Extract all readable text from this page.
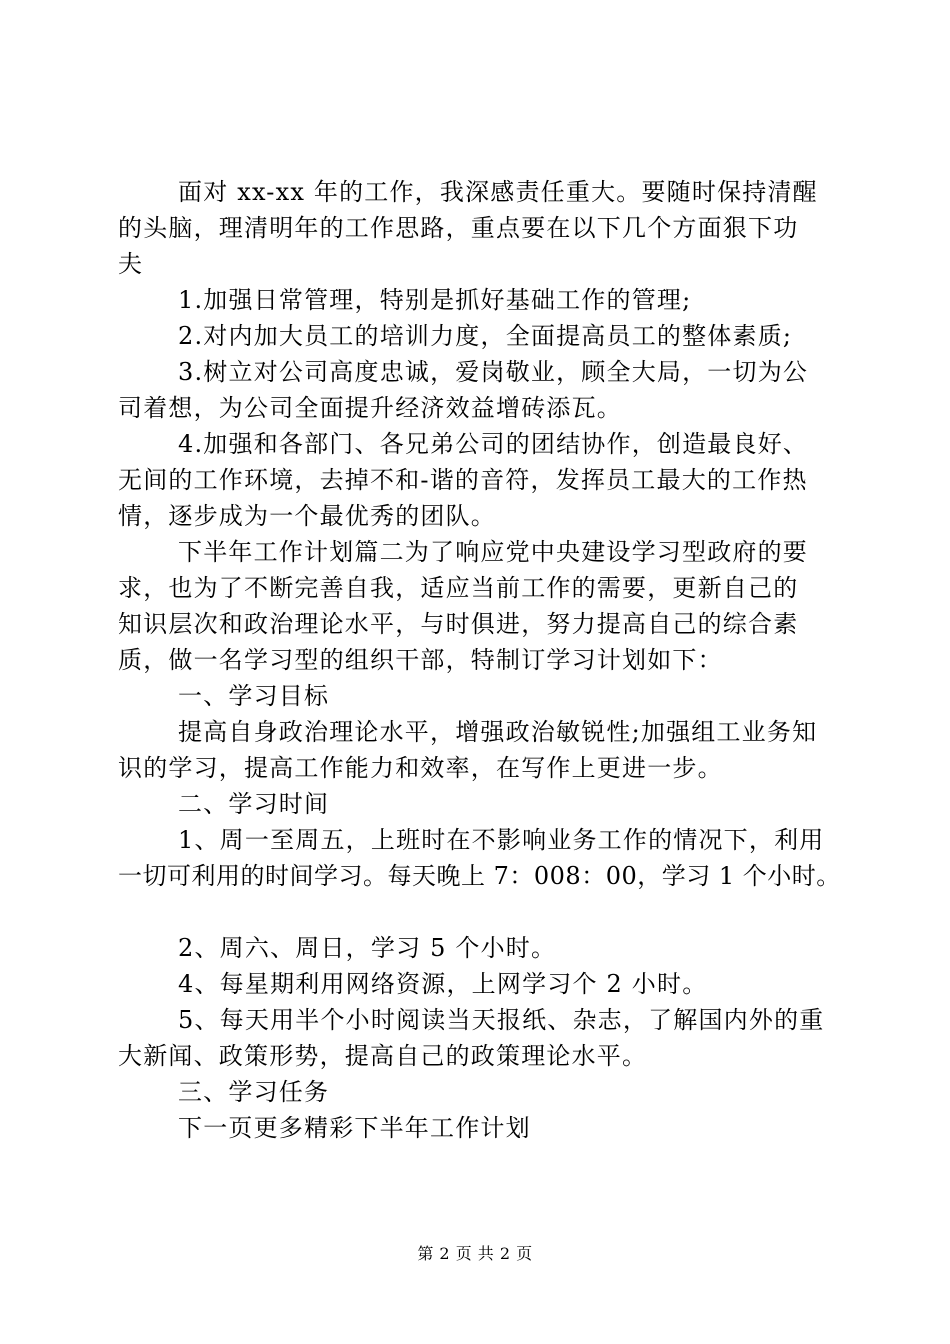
面对 xx-xx 年的工作，我深感责任重大。要随时保持清醒
的头脑，理清明年的工作思路，重点要在以下几个方面狠下功
夫

1.加强日常管理，特别是抓好基础工作的管理;

2.对内加大员工的培训力度，全面提高员工的整体素质;

3.树立对公司高度忠诚，爱岗敬业，顾全大局，一切为公
司着想，为公司全面提升经济效益增砖添瓦。

4.加强和各部门、各兄弟公司的团结协作，创造最良好、
无间的工作环境，去掉不和-谐的音符，发挥员工最大的工作热
情，逐步成为一个最优秀的团队。

下半年工作计划篇二为了响应党中央建设学习型政府的要
求，也为了不断完善自我，适应当前工作的需要，更新自己的
知识层次和政治理论水平，与时俱进，努力提高自己的综合素
质，做一名学习型的组织干部，特制订学习计划如下：

一、学习目标

提高自身政治理论水平，增强政治敏锐性;加强组工业务知
识的学习，提高工作能力和效率，在写作上更进一步。

二、学习时间

1、周一至周五，上班时在不影响业务工作的情况下，利用
一切可利用的时间学习。每天晚上 7：008：00，学习 1 个小时。

2、周六、周日，学习 5 个小时。

4、每星期利用网络资源，上网学习个 2 小时。

5、每天用半个小时阅读当天报纸、杂志，了解国内外的重
大新闻、政策形势，提高自己的政策理论水平。

三、学习任务

下一页更多精彩下半年工作计划

第 2 页 共 2 页
